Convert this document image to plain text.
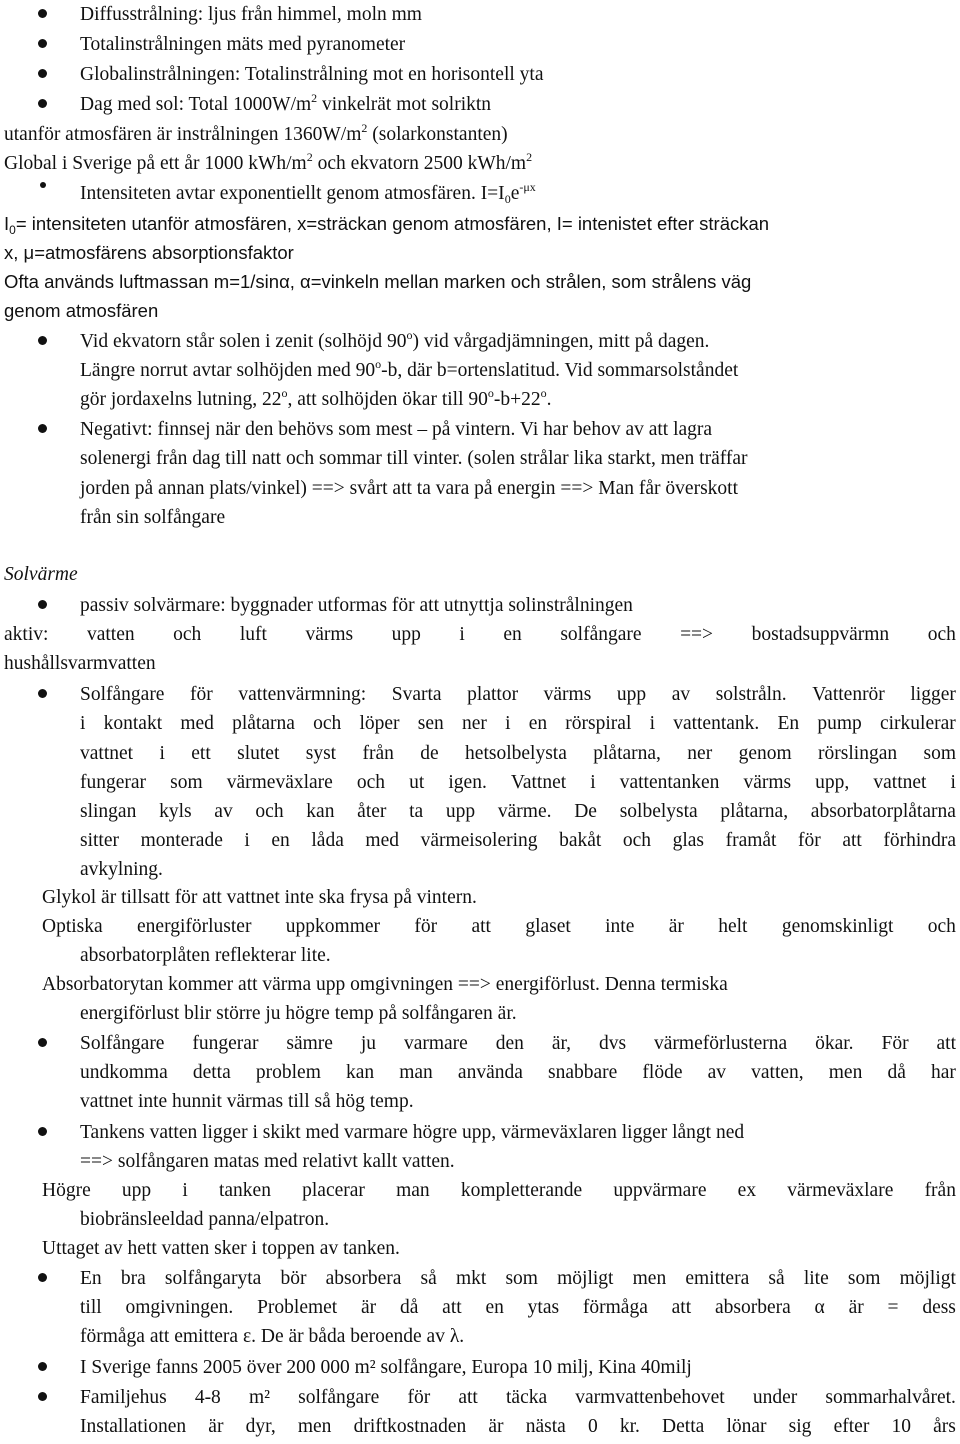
Diffusstrålning: ljus från himmel, moln mm
Totalinstrålningen mäts med pyranometer
Globalinstrålningen: Totalinstrålning mot en horisontell yta
Dag med sol: Total $1000W/m^2$ vinkelrät mot solriktn
utanför atmosfären är instrålningen $1360W/m^2$ (solarkonstanten)
Global i Sverige på ett år 1000 kWh/$m^2$ och ekvatorn 2500 kWh/$m^2$
Intensiteten avtar exponentiellt genom atmosfären. $I=I_0e^{-\mu x}$
$I_0=$ intensiteten utanför atmosfären, x=sträckan genom atmosfären, I= intenistet efter sträckan
x, μ=atmosfärens absorptionsfaktor
Ofta används luftmassan m=1/sinα, α=vinkeln mellan marken och strålen, som strålens väg
genom atmosfären
Vid ekvatorn står solen i zenit (solhöjd 90$^o$) vid vårgadjämningen, mitt på dagen.
Längre norrut avtar solhöjden med 90$^o$-b, där b=ortenslatitud. Vid sommarsolståndet
gör jordaxelns lutning, 22$^o$, att solhöjden ökar till $90^o-b+22^o$.
Negativt: finnsej när den behövs som mest – på vintern. Vi har behov av att lagra
solenergi från dag till natt och sommar till vinter. (solen strålar lika starkt, men träffar
jorden på annan plats/vinkel) ==> svårt att ta vara på energin ==> Man får överskott
från sin solfångare
Solvärme
passiv solvärmare: byggnader utformas för att utnyttja solinstrålningen
aktiv: vatten och luft värms upp i en solfångare ==> bostadsuppvärmn och
hushållsvarmvatten
Solfångare för vattenvärmning: Svarta plattor värms upp av solstråln. Vattenrör ligger
i kontakt med plåtarna och löper sen ner i en rörspiral i vattentank. En pump cirkulerar
vattnet i ett slutet syst från de hetsolbelysta plåtarna, ner genom rörslingan som
fungerar som värmeväxlare och ut igen. Vattnet i vattentanken värms upp, vattnet i
slingan kyls av och kan åter ta upp värme. De solbelysta plåtarna, absorbatorplåtarna
sitter monterade i en låda med värmeisolering bakåt och glas framåt för att förhindra
avkylning.
Glykol är tillsatt för att vattnet inte ska frysa på vintern.
Optiska energiförluster uppkommer för att glaset inte är helt genomskinligt och
absorbatorplåten reflekterar lite.
Absorbatorytan kommer att värma upp omgivningen ==> energiförlust. Denna termiska
energiförlust blir större ju högre temp på solfångaren är.
Solfångare fungerar sämre ju varmare den är, dvs värmeförlusterna ökar. För att
undkomma detta problem kan man använda snabbare flöde av vatten, men då har
vattnet inte hunnit värmas till så hög temp.
Tankens vatten ligger i skikt med varmare högre upp, värmeväxlaren ligger långt ned
==> solfångaren matas med relativt kallt vatten.
Högre upp i tanken placerar man kompletterande uppvärmare ex värmeväxlare från
biobränsleeldad panna/elpatron.
Uttaget av hett vatten sker i toppen av tanken.
En bra solfångaryta bör absorbera så mkt som möjligt men emittera så lite som möjligt
till omgivningen. Problemet är då att en ytas förmåga att absorbera α är = dess
förmåga att emittera ε. De är båda beroende av λ.
I Sverige fanns 2005 över 200 000 m² solfångare, Europa 10 milj, Kina 40milj
Familjehus 4-8 m² solfångare för att täcka varmvattenbehovet under sommarhalvåret.
Installationen är dyr, men driftkostnaden är nästa 0 kr. Detta lönar sig efter 10 års
